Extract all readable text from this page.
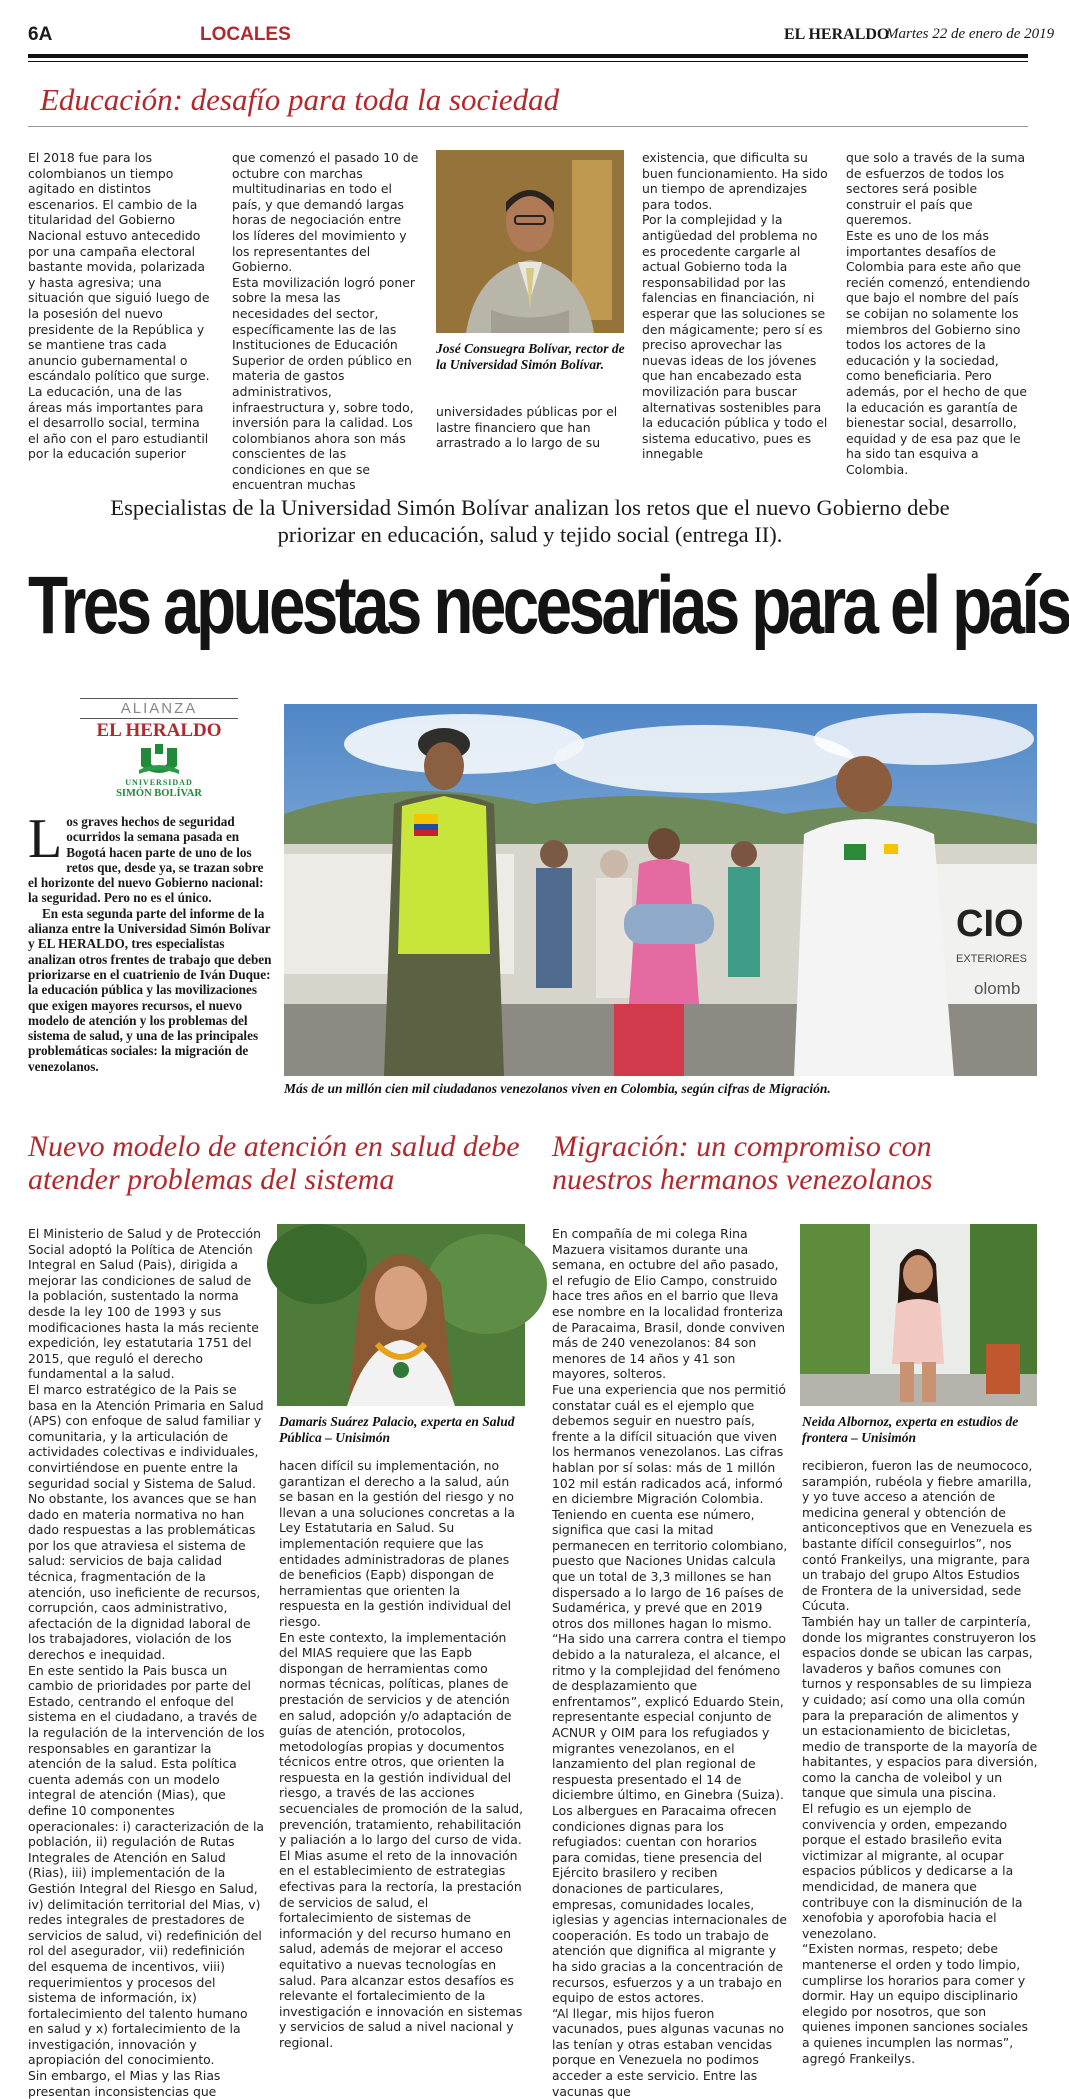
6A	LOCALES	EL HERALDO
Martes 22 de enero de 2019
Educación: desafío para toda la sociedad
El 2018 fue para los colombianos un tiempo agitado en distintos escenarios. El cambio de la titularidad del Gobierno Nacional estuvo antecedido por una campaña electoral bastante movida, polarizada y hasta agresiva; una situación que siguió luego de la posesión del nuevo presidente de la República y se mantiene tras cada anuncio gubernamental o escándalo político que surge.
La educación, una de las áreas más importantes para el desarrollo social, termina el año con el paro estudiantil por la educación superior
que comenzó el pasado 10 de octubre con marchas multitudinarias en todo el país, y que demandó largas horas de negociación entre los líderes del movimiento y los representantes del Gobierno.
Esta movilización logró poner sobre la mesa las necesidades del sector, específicamente las de las Instituciones de Educación Superior de orden público en materia de gastos administrativos, infraestructura y, sobre todo, inversión para la calidad. Los colombianos ahora son más conscientes de las condiciones en que se encuentran muchas
José Consuegra Bolívar, rector de la Universidad Simón Bolívar.
universidades públicas por el lastre financiero que han arrastrado a lo largo de su
existencia, que dificulta su buen funcionamiento. Ha sido un tiempo de aprendizajes para todos.
Por la complejidad y la antigüedad del problema no es procedente cargarle al actual Gobierno toda la responsabilidad por las falencias en financiación, ni esperar que las soluciones se den mágicamente; pero sí es preciso aprovechar las nuevas ideas de los jóvenes que han encabezado esta movilización para buscar alternativas sostenibles para la educación pública y todo el sistema educativo, pues es innegable
que solo a través de la suma de esfuerzos de todos los sectores será posible construir el país que queremos.
Este es uno de los más importantes desafíos de Colombia para este año que recién comenzó, entendiendo que bajo el nombre del país se cobijan no solamente los miembros del Gobierno sino todos los actores de la educación y la sociedad, como beneficiaria. Pero además, por el hecho de que la educación es garantía de bienestar social, desarrollo, equidad y de esa paz que le ha sido tan esquiva a Colombia.
Especialistas de la Universidad Simón Bolívar analizan los retos que el nuevo Gobierno debe priorizar en educación, salud y tejido social (entrega II).
Tres apuestas necesarias para el país
ALIANZA
EL HERALDO
UNIVERSIDAD
SIMÓN BOLÍVAR
L os graves hechos de seguridad ocurridos la semana pasada en Bogotá hacen parte de uno de los retos que, desde ya, se trazan sobre el horizonte del nuevo Gobierno nacional: la seguridad. Pero no es el único.
En esta segunda parte del informe de la alianza entre la Universidad Simón Bolívar y EL HERALDO, tres especialistas analizan otros frentes de trabajo que deben priorizarse en el cuatrienio de Iván Duque: la educación pública y las movilizaciones que exigen mayores recursos, el nuevo modelo de atención y los problemas del sistema de salud, y una de las principales problemáticas sociales: la migración de venezolanos.
CIO
EXTERIORES
olomb
Más de un millón cien mil ciudadanos venezolanos viven en Colombia, según cifras de Migración.
Nuevo modelo de atención en salud debe atender problemas del sistema
El Ministerio de Salud y de Protección Social adoptó la Política de Atención Integral en Salud (Pais), dirigida a mejorar las condiciones de salud de la población, sustentado la norma desde la ley 100 de 1993 y sus modificaciones hasta la más reciente expedición, ley estatutaria 1751 del 2015, que reguló el derecho fundamental a la salud.
El marco estratégico de la Pais se basa en la Atención Primaria en Salud (APS) con enfoque de salud familiar y comunitaria, y la articulación de actividades colectivas e individuales, convirtiéndose en puente entre la seguridad social y Sistema de Salud.
No obstante, los avances que se han dado en materia normativa no han dado respuestas a las problemáticas por los que atraviesa el sistema de salud: servicios de baja calidad técnica, fragmentación de la atención, uso ineficiente de recursos, corrupción, caos administrativo, afectación de la dignidad laboral de los trabajadores, violación de los derechos e inequidad.
En este sentido la Pais busca un cambio de prioridades por parte del Estado, centrando el enfoque del sistema en el ciudadano, a través de la regulación de la intervención de los responsables en garantizar la atención de la salud. Esta política cuenta además con un modelo integral de atención (Mias), que define 10 componentes operacionales: i) caracterización de la población, ii) regulación de Rutas Integrales de Atención en Salud (Rias), iii) implementación de la Gestión Integral del Riesgo en Salud, iv) delimitación territorial del Mias, v) redes integrales de prestadores de servicios de salud, vi) redefinición del rol del asegurador, vii) redefinición del esquema de incentivos, viii) requerimientos y procesos del sistema de información, ix) fortalecimiento del talento humano en salud y x) fortalecimiento de la investigación, innovación y apropiación del conocimiento.
Sin embargo, el Mias y las Rias presentan inconsistencias que
Damaris Suárez Palacio, experta en Salud Pública – Unisimón
hacen difícil su implementación, no garantizan el derecho a la salud, aún se basan en la gestión del riesgo y no llevan a una soluciones concretas a la Ley Estatutaria en Salud. Su implementación requiere que las entidades administradoras de planes de beneficios (Eapb) dispongan de herramientas que orienten la respuesta en la gestión individual del riesgo.
En este contexto, la implementación del MIAS requiere que las Eapb dispongan de herramientas como normas técnicas, políticas, planes de prestación de servicios y de atención en salud, adopción y/o adaptación de guías de atención, protocolos, metodologías propias y documentos técnicos entre otros, que orienten la respuesta en la gestión individual del riesgo, a través de las acciones secuenciales de promoción de la salud, prevención, tratamiento, rehabilitación y paliación a lo largo del curso de vida.
El Mias asume el reto de la innovación en el establecimiento de estrategias efectivas para la rectoría, la prestación de servicios de salud, el fortalecimiento de sistemas de información y del recurso humano en salud, además de mejorar el acceso equitativo a nuevas tecnologías en salud. Para alcanzar estos desafíos es relevante el fortalecimiento de la investigación e innovación en sistemas y servicios de salud a nivel nacional y regional.
Migración: un compromiso con nuestros hermanos venezolanos
En compañía de mi colega Rina Mazuera visitamos durante una semana, en octubre del año pasado, el refugio de Elio Campo, construido hace tres años en el barrio que lleva ese nombre en la localidad fronteriza de Paracaima, Brasil, donde conviven más de 240 venezolanos: 84 son menores de 14 años y 41 son mayores, solteros.
Fue una experiencia que nos permitió constatar cuál es el ejemplo que debemos seguir en nuestro país, frente a la difícil situación que viven los hermanos venezolanos. Las cifras hablan por sí solas: más de 1 millón 102 mil están radicados acá, informó en diciembre Migración Colombia.
Teniendo en cuenta ese número, significa que casi la mitad permanecen en territorio colombiano, puesto que Naciones Unidas calcula que un total de 3,3 millones se han dispersado a lo largo de 16 países de Sudamérica, y prevé que en 2019 otros dos millones hagan lo mismo.
“Ha sido una carrera contra el tiempo debido a la naturaleza, el alcance, el ritmo y la complejidad del fenómeno de desplazamiento que enfrentamos”, explicó Eduardo Stein, representante especial conjunto de ACNUR y OIM para los refugiados y migrantes venezolanos, en el lanzamiento del plan regional de respuesta presentado el 14 de diciembre último, en Ginebra (Suiza).
Los albergues en Paracaima ofrecen condiciones dignas para los refugiados: cuentan con horarios para comidas, tiene presencia del Ejército brasilero y reciben donaciones de particulares, empresas, comunidades locales, iglesias y agencias internacionales de cooperación. Es todo un trabajo de atención que dignifica al migrante y ha sido gracias a la concentración de recursos, esfuerzos y a un trabajo en equipo de estos actores.
“Al llegar, mis hijos fueron vacunados, pues algunas vacunas no las tenían y otras estaban vencidas porque en Venezuela no podimos acceder a este servicio. Entre las vacunas que
Neida Albornoz, experta en estudios de frontera – Unisimón
recibieron, fueron las de neumococo, sarampión, rubéola y fiebre amarilla, y yo tuve acceso a atención de medicina general y obtención de anticonceptivos que en Venezuela es bastante difícil conseguirlos”, nos contó Frankeilys, una migrante, para un trabajo del grupo Altos Estudios de Frontera de la universidad, sede Cúcuta.
También hay un taller de carpintería, donde los migrantes construyeron los espacios donde se ubican las carpas, lavaderos y baños comunes con turnos y responsables de su limpieza y cuidado; así como una olla común para la preparación de alimentos y un estacionamiento de bicicletas, medio de transporte de la mayoría de habitantes, y espacios para diversión, como la cancha de voleibol y un tanque que simula una piscina.
El refugio es un ejemplo de convivencia y orden, empezando porque el estado brasileño evita victimizar al migrante, al ocupar espacios públicos y dedicarse a la mendicidad, de manera que contribuye con la disminución de la xenofobia y aporofobia hacia el venezolano.
“Existen normas, respeto; debe mantenerse el orden y todo limpio, cumplirse los horarios para comer y dormir. Hay un equipo disciplinario elegido por nosotros, que son quienes imponen sanciones sociales a quienes incumplen las normas”, agregó Frankeilys.
